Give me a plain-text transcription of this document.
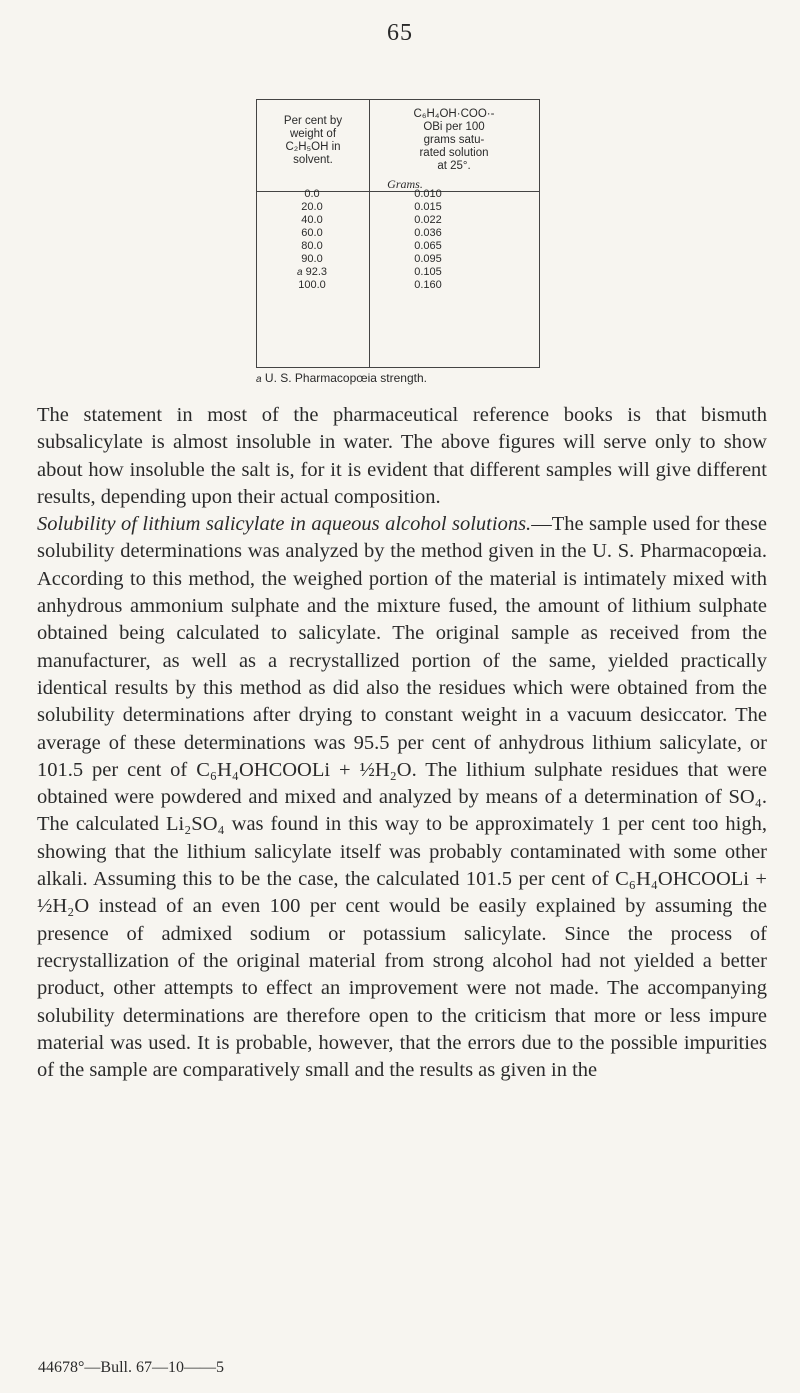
65
Per cent by
weight of
C₂H₅OH in
solvent.
C₆H₄OH·COO·-
OBi per 100
grams satu-
rated solution
at 25°.
Grams.
0.0
20.0
40.0
60.0
80.0
90.0
a 92.3
100.0
0.010
0.015
0.022
0.036
0.065
0.095
0.105
0.160
a U. S. Pharmacopœia strength.

The statement in most of the pharmaceutical reference books is that bismuth subsalicylate is almost insoluble in water. The above figures will serve only to show about how insoluble the salt is, for it is evident that different samples will give different results, depending upon their actual composition.

Solubility of lithium salicylate in aqueous alcohol solutions.—The sample used for these solubility determinations was analyzed by the method given in the U. S. Pharmacopœia. According to this method, the weighed portion of the material is intimately mixed with anhydrous ammonium sulphate and the mixture fused, the amount of lithium sulphate obtained being calculated to salicylate. The original sample as received from the manufacturer, as well as a recrystallized portion of the same, yielded practically identical results by this method as did also the residues which were obtained from the solubility determinations after drying to constant weight in a vacuum desiccator. The average of these determinations was 95.5 per cent of anhydrous lithium salicylate, or 101.5 per cent of C₆H₄OHCOOLi + ½H₂O. The lithium sulphate residues that were obtained were powdered and mixed and analyzed by means of a determination of SO₄. The calculated Li₂SO₄ was found in this way to be approximately 1 per cent too high, showing that the lithium salicylate itself was probably contaminated with some other alkali. Assuming this to be the case, the calculated 101.5 per cent of C₆H₄OHCOOLi + ½H₂O instead of an even 100 per cent would be easily explained by assuming the presence of admixed sodium or potassium salicylate. Since the process of recrystallization of the original material from strong alcohol had not yielded a better product, other attempts to effect an improvement were not made. The accompanying solubility determinations are therefore open to the criticism that more or less impure material was used. It is probable, however, that the errors due to the possible impurities of the sample are comparatively small and the results as given in the

44678°—Bull. 67—10——5
